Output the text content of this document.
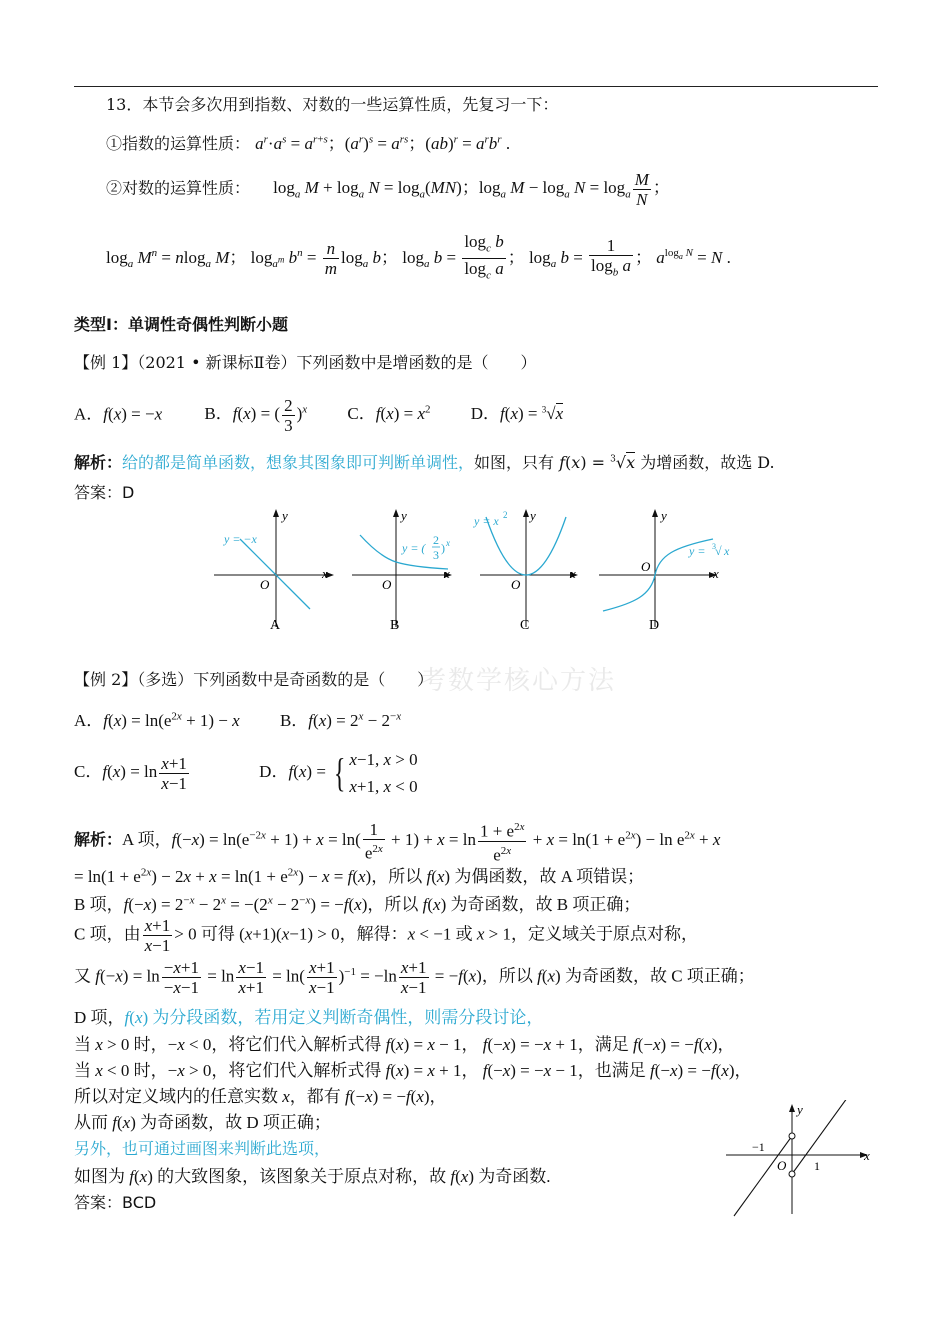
13．本节会多次用到指数、对数的一些运算性质，先复习一下：
①指数的运算性质： $a^r\cdot a^s = a^{r+s}$；$(a^r)^s = a^{rs}$；$(ab)^r = a^rb^r$ .
②对数的运算性质： $\log_a M + \log_a N = \log_a(MN)$；$\log_a M - \log_a N = \log_a \frac{M}{N}$ ；
$\log_a M^n = nlog_a$ M； $\log_{a^m} b^n = \frac{n}{m} \log_a b$； $\log_a b = \frac{\log_c b}{\log_c a}$ ； $\log_a b = \frac{1}{\log_b a}$ ； $a^{log_a N} = N$ .
类型Ⅰ：单调性奇偶性判断小题
【例 1】（2021 • 新课标Ⅱ卷）下列函数中是增函数的是（　　）
A．f(x) = −x B．f(x) = ( $\frac{2}{3} )^x$ C．$f(x) = x^2$ D．f(x) = $^3$√x
解析：给的都是简单函数，想象其图象即可判断单调性，如图，只有 f(x) = $^3$√x 为增函数，故选 D.
答案：D
y
x
O
y = −x
A
y
x
O
y = (
2
3 ) x
B
y
x
O
y = x 2
C
y
x
O
y = 3 √ x
D
考数学核心方法
【例 2】（多选）下列函数中是奇函数的是（　　）
A．$f(x) = \ln(e^{2x} + 1) - x$ B．$f(x) = 2^x - 2^{-x}$
C．$f(x) = \ln \frac{x+1}{x-1}$	D．f(x) = { x−1, x > 0
x+1, x < 0
解析：A 项，$f(-x) = \ln(e^{-2x} + 1) + x = \ln( \frac{1}{e^{2x}} + 1) + x = \ln \frac{1 + e^{2x}}{e^{2x}} + x = \ln(1 + e^{2x}) - \ln e^{2x} + x$
= $\ln(1 + e^{2x}) - 2x + x = \ln(1 + e^{2x}) - x = f(x)$，所以 f(x) 为偶函数，故 A 项错误；
B 项，$f(-x) = 2^{-x} - 2^x = -(2^x - 2^{-x}) = -f(x)$，所以 f(x) 为奇函数，故 B 项正确；
C 项，由 $\frac{x+1}{x-1} > 0$ 可得 (x+1)(x−1) > 0，解得：x < −1 或 x > 1，定义域关于原点对称，
又 $f(-x) = \ln \frac{-x+1}{-x-1} = \ln \frac{x-1}{x+1} = \ln( \frac{x+1}{x-1} )^{-1} = -\ln \frac{x+1}{x-1} = -f(x)$，所以 f(x) 为奇函数，故 C 项正确；
D 项，f(x) 为分段函数，若用定义判断奇偶性，则需分段讨论，
当 x > 0 时，−x < 0，将它们代入解析式得 f(x) = x − 1， f(−x) = −x + 1，满足 f(−x) = −f(x)，
当 x < 0 时，−x > 0，将它们代入解析式得 f(x) = x + 1， f(−x) = −x − 1，也满足 f(−x) = −f(x)，
所以对定义域内的任意实数 x，都有 f(−x) = −f(x)，
从而 f(x) 为奇函数，故 D 项正确；
另外，也可通过画图来判断此选项，
如图为 f(x) 的大致图象，该图象关于原点对称，故 f(x) 为奇函数.
答案：BCD
y
x
O
−1
1
